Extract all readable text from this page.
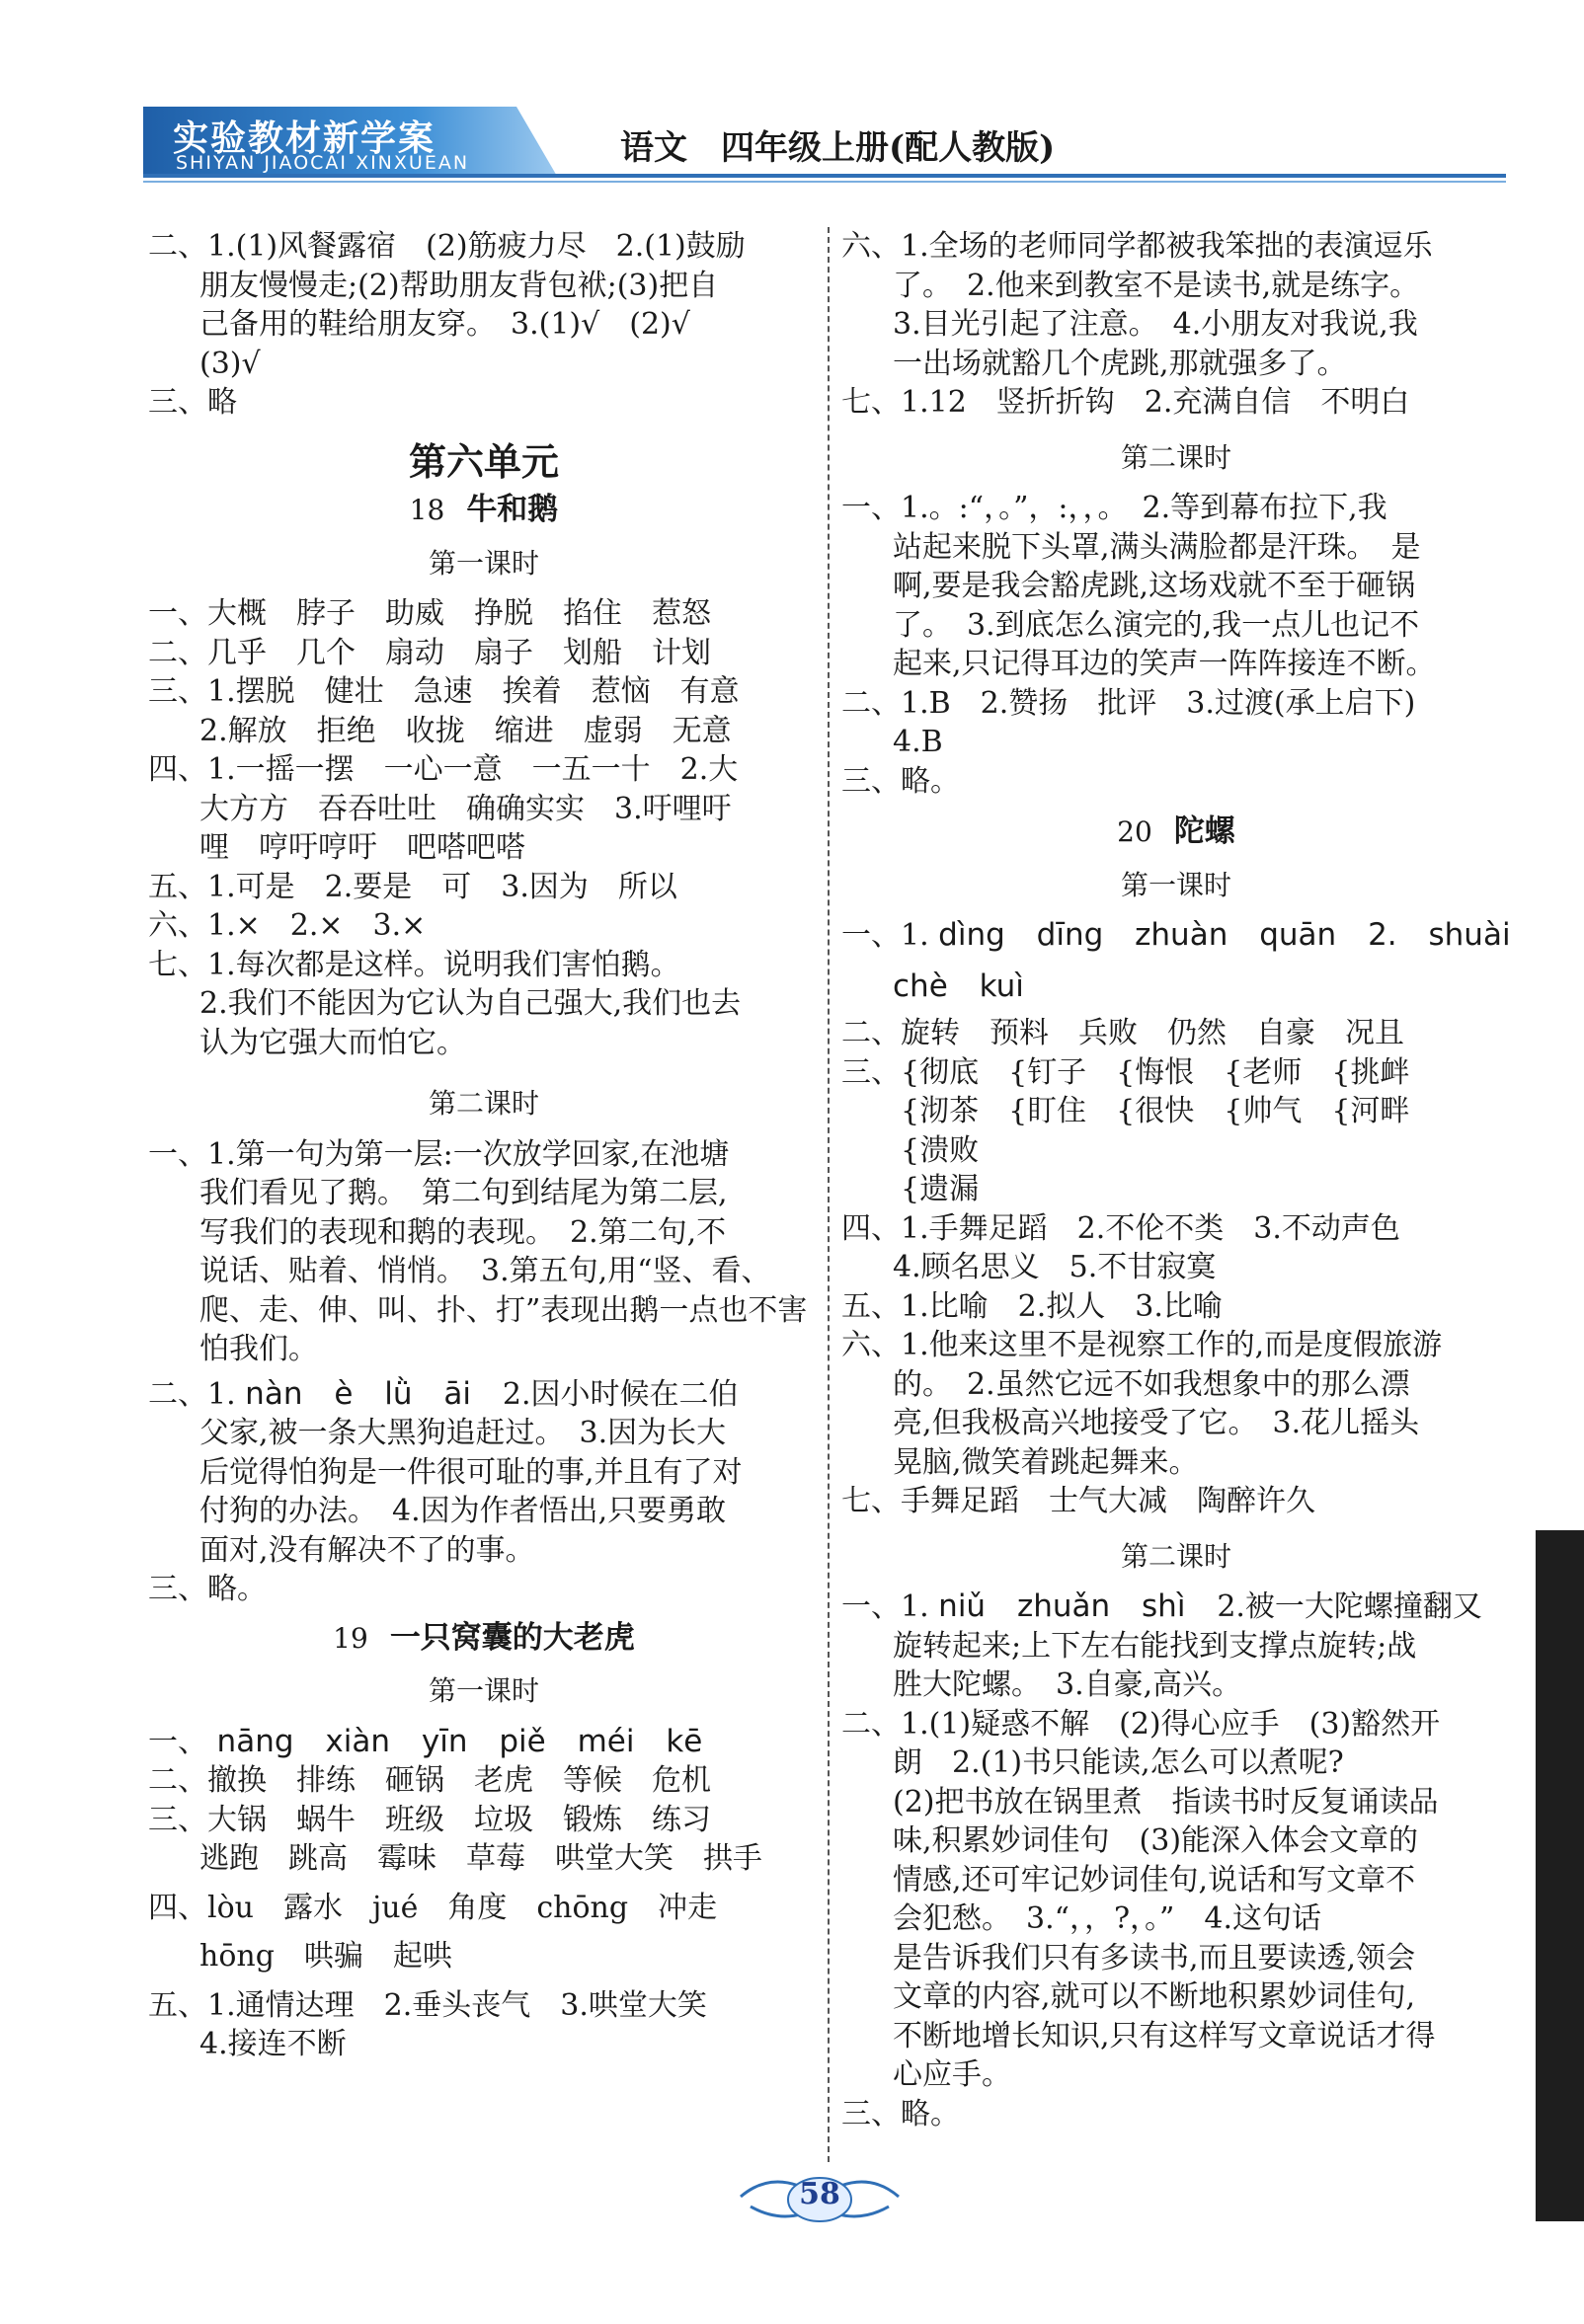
实验教材新学案
SHIYAN JIAOCAI XINXUEAN	语文　四年级上册(配人教版)
二、1.(1)风餐露宿　(2)筋疲力尽　2.(1)鼓励
朋友慢慢走;(2)帮助朋友背包袱;(3)把自
己备用的鞋给朋友穿。　3.(1)√　(2)√
(3)√
三、略
第六单元
18 牛和鹅
第一课时
一、大概　脖子　助威　挣脱　掐住　惹怒
二、几乎　几个　扇动　扇子　划船　计划
三、1.摆脱　健壮　急速　挨着　惹恼　有意
2.解放　拒绝　收拢　缩进　虚弱　无意
四、1.一摇一摆　一心一意　一五一十　2.大
大方方　吞吞吐吐　确确实实　3.吁哩吁
哩　哼吁哼吁　吧嗒吧嗒
五、1.可是　2.要是　可　3.因为　所以
六、1.×　2.×　3.×
七、1.每次都是这样。说明我们害怕鹅。
2.我们不能因为它认为自己强大,我们也去
认为它强大而怕它。
第二课时
一、1.第一句为第一层:一次放学回家,在池塘
我们看见了鹅。　第二句到结尾为第二层,
写我们的表现和鹅的表现。　2.第二句,不
说话、贴着、悄悄。　3.第五句,用“竖、看、
爬、走、伸、叫、扑、打”表现出鹅一点也不害
怕我们。
二、1. nàn è lǜ āi 2.因小时候在二伯
父家,被一条大黑狗追赶过。　3.因为长大
后觉得怕狗是一件很可耻的事,并且有了对
付狗的办法。　4.因为作者悟出,只要勇敢
面对,没有解决不了的事。
三、略。
19 一只窝囊的大老虎
第一课时
一、 nāng xiàn yīn piě méi kē
二、撤换　排练　砸锅　老虎　等候　危机
三、大锅　蜗牛　班级　垃圾　锻炼　练习
逃跑　跳高　霉味　草莓　哄堂大笑　拱手
四、lòu　露水　jué　角度　chōng　冲走
hōng　哄骗　起哄
五、1.通情达理　2.垂头丧气　3.哄堂大笑
4.接连不断
六、1.全场的老师同学都被我笨拙的表演逗乐
了。　2.他来到教室不是读书,就是练字。
3.目光引起了注意。　4.小朋友对我说,我
一出场就豁几个虎跳,那就强多了。
七、1.12　竖折折钩　2.充满自信　不明白
第二课时
一、1.。:“，。”，:，，。　2.等到幕布拉下,我
站起来脱下头罩,满头满脸都是汗珠。　是
啊,要是我会豁虎跳,这场戏就不至于砸锅
了。　3.到底怎么演完的,我一点儿也记不
起来,只记得耳边的笑声一阵阵接连不断。
二、1.B　2.赞扬　批评　3.过渡(承上启下)
4.B
三、略。
20 陀螺
第一课时
一、1. dìng dīng zhuàn quān 2. shuài
chè kuì
二、旋转　预料　兵败　仍然　自豪　况且
三、{彻底　{钉子　{悔恨　{老师　{挑衅
　　{沏茶　{盯住　{很快　{帅气　{河畔
　　{溃败
　　{遗漏
四、1.手舞足蹈　2.不伦不类　3.不动声色
4.顾名思义　5.不甘寂寞
五、1.比喻　2.拟人　3.比喻
六、1.他来这里不是视察工作的,而是度假旅游
的。　2.虽然它远不如我想象中的那么漂
亮,但我极高兴地接受了它。　3.花儿摇头
晃脑,微笑着跳起舞来。
七、手舞足蹈　士气大减　陶醉许久
第二课时
一、1. niǔ zhuǎn shì 2.被一大陀螺撞翻又
旋转起来;上下左右能找到支撑点旋转;战
胜大陀螺。　3.自豪,高兴。
二、1.(1)疑惑不解　(2)得心应手　(3)豁然开
朗　2.(1)书只能读,怎么可以煮呢?
(2)把书放在锅里煮　指读书时反复诵读品
味,积累妙词佳句　(3)能深入体会文章的
情感,还可牢记妙词佳句,说话和写文章不
会犯愁。　3.“，，?，。”　4.这句话
是告诉我们只有多读书,而且要读透,领会
文章的内容,就可以不断地积累妙词佳句,
不断地增长知识,只有这样写文章说话才得
心应手。
三、略。
58
